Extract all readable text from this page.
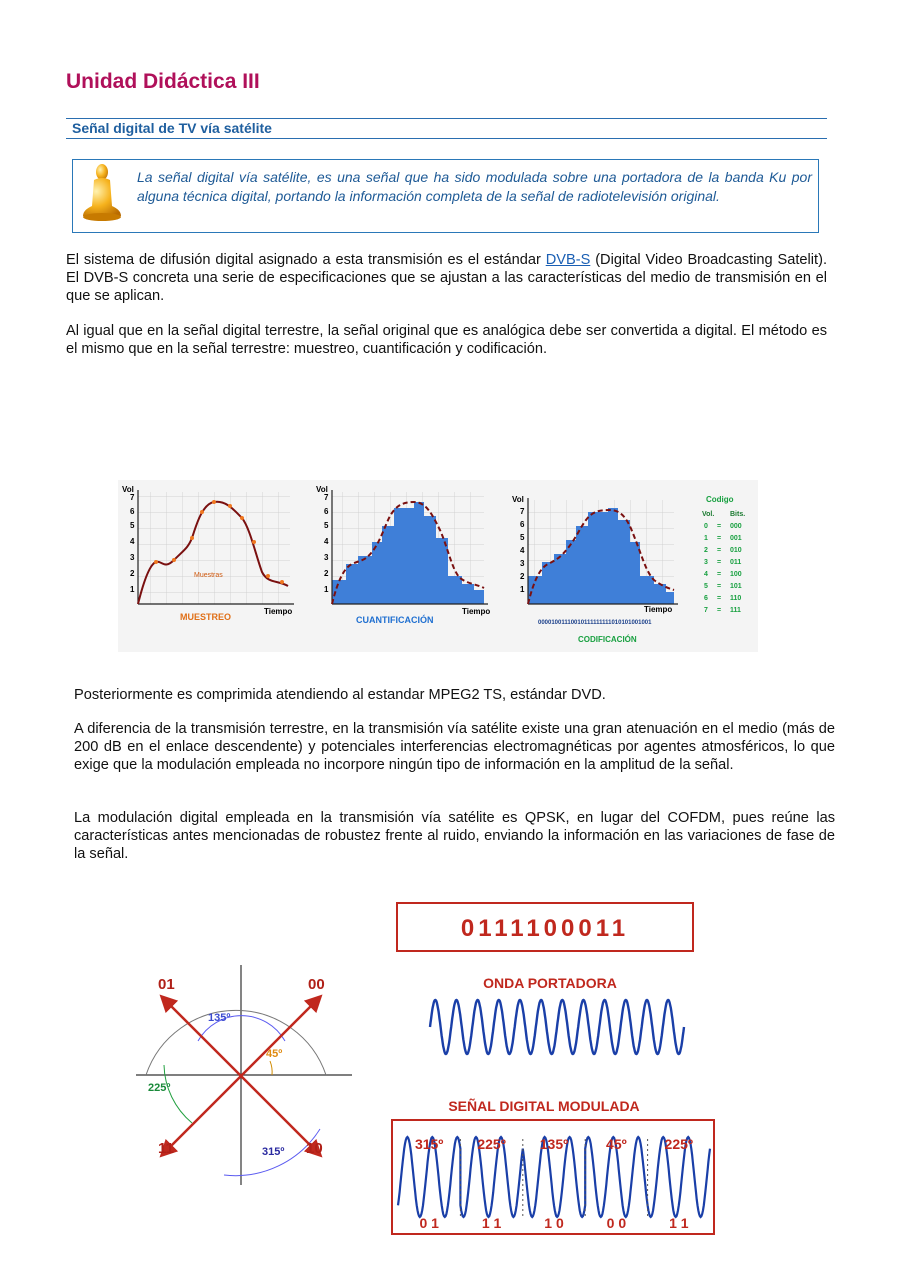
Unidad Didáctica III
Señal digital de TV vía satélite

La señal digital vía satélite, es una señal que ha sido modulada sobre una portadora de la banda Ku por alguna técnica digital, portando la información completa de la señal de radiotelevisión original.

El sistema de difusión digital asignado a esta transmisión es el estándar DVB-S (Digital Video Broadcasting Satelit). El DVB-S concreta una serie de especificaciones que se ajustan a las características del medio de transmisión en el que se aplican.

Al igual que en la señal digital terrestre, la señal original que es analógica debe ser convertida a digital. El método es el mismo que en la señal terrestre: muestreo, cuantificación y codificación.

Vol
1
2
3
4
5
6
7
Muestras
Tiempo
MUESTREO
Vol
1
2
3
4
5
6
7
Tiempo
CUANTIFICACIÓN
Vol
1
2
3
4
5
6
7
Tiempo
00001001110010111111111010101001001
CODIFICACIÓN
Codigo
Vol. Bits.
0 = 000
1 = 001
2 = 010
3 = 011
4 = 100
5 = 101
6 = 110
7 = 111

Posteriormente es comprimida atendiendo al estandar MPEG2 TS, estándar DVD.

A diferencia de la transmisión terrestre, en la transmisión vía satélite existe una gran atenuación en el medio (más de 200 dB en el enlace descendente) y potenciales interferencias electromagnéticas por agentes atmosféricos, lo que exige que la modulación empleada no incorpore ningún tipo de información en la amplitud de la señal.

La modulación digital empleada en la transmisión vía satélite es QPSK, en lugar del COFDM, pues reúne las características antes mencionadas de robustez frente al ruido, enviando la información en las variaciones de fase de la señal.

01	00
11	10
135º
45º
225º
315º
0111100011
ONDA PORTADORA
SEÑAL DIGITAL MODULADA
315º 225º 135º	45º	225º
0 1	1 1	1 0	0 0	1 1
